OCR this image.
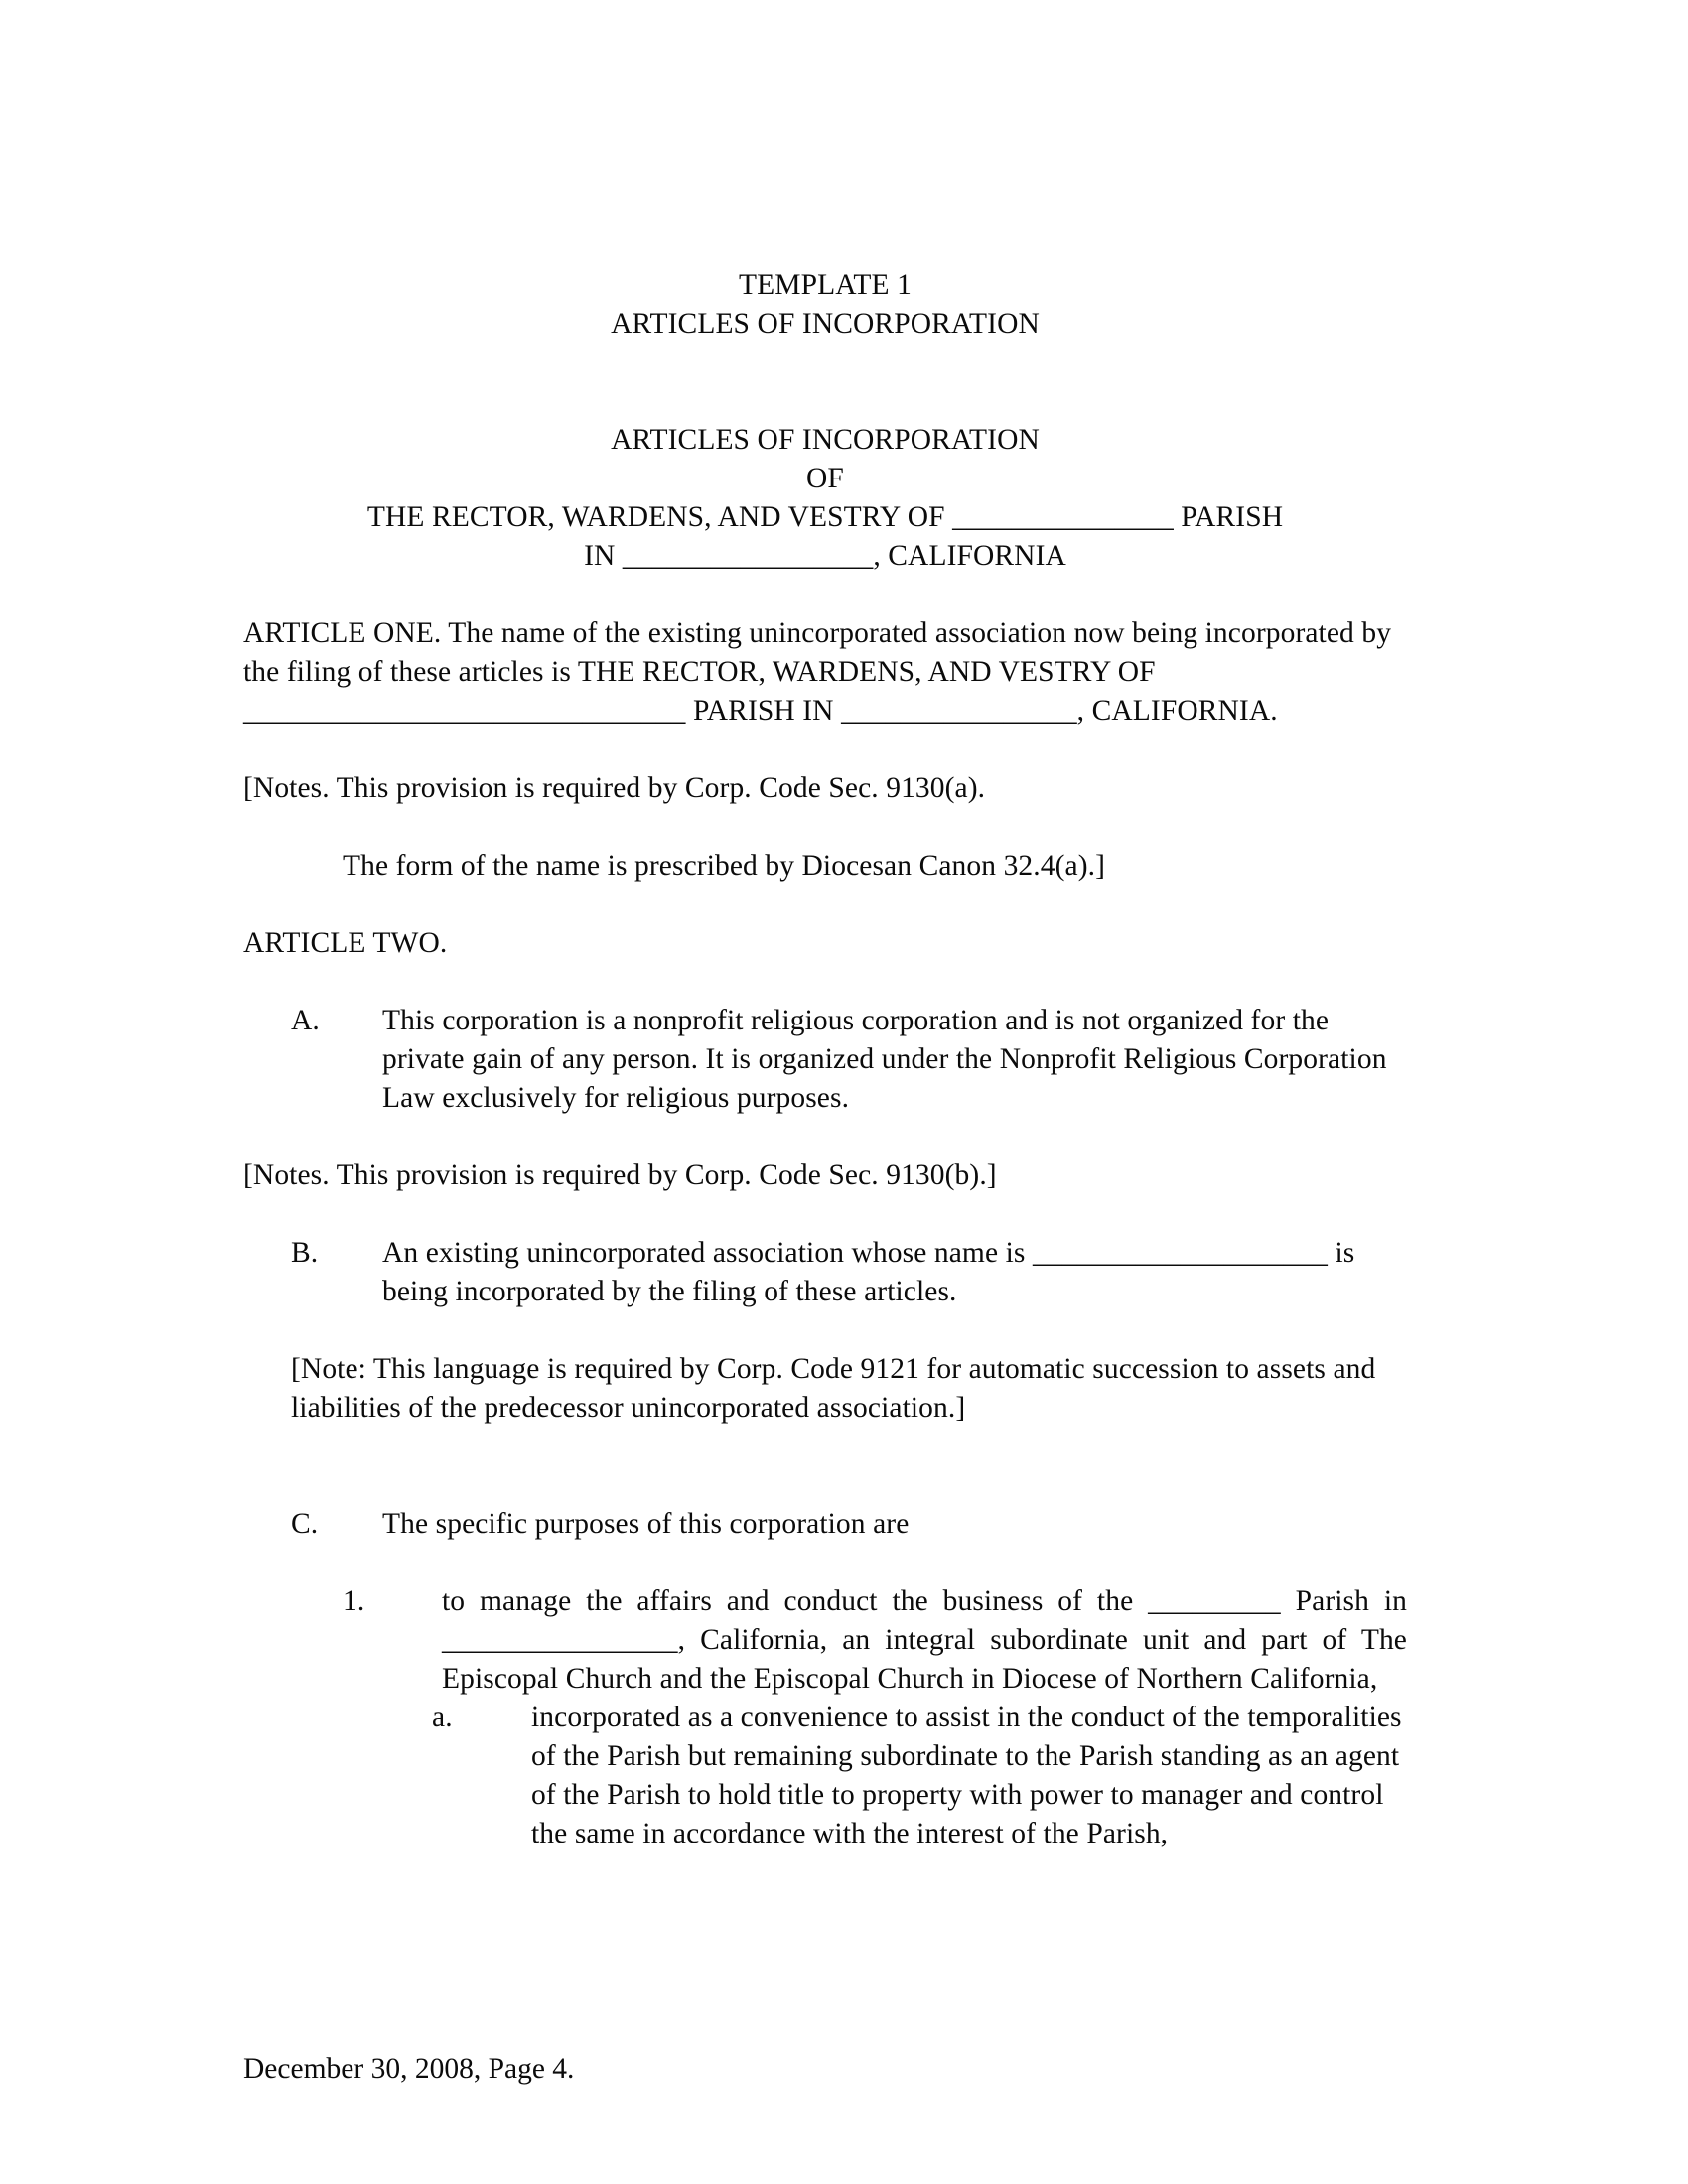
TEMPLATE 1

ARTICLES OF INCORPORATION

ARTICLES OF INCORPORATION

OF

THE RECTOR, WARDENS, AND VESTRY OF _______________ PARISH

IN _________________, CALIFORNIA

ARTICLE ONE. The name of the existing unincorporated association now being incorporated by the filing of these articles is THE RECTOR, WARDENS, AND VESTRY OF ______________________________ PARISH IN ________________, CALIFORNIA.

[Notes. This provision is required by Corp. Code Sec. 9130(a).

The form of the name is prescribed by Diocesan Canon 32.4(a).]

ARTICLE TWO.

A.	This corporation is a nonprofit religious corporation and is not organized for the private gain of any person. It is organized under the Nonprofit Religious Corporation Law exclusively for religious purposes.

[Notes. This provision is required by Corp. Code Sec. 9130(b).]

B.	An existing unincorporated association whose name is ____________________ is being incorporated by the filing of these articles.

[Note: This language is required by Corp. Code 9121 for automatic succession to assets and liabilities of the predecessor unincorporated association.]

C.	The specific purposes of this corporation are
1.	to manage the affairs and conduct the business of the _________ Parish in ________________, California, an integral subordinate unit and part of The Episcopal Church and the Episcopal Church in Diocese of Northern California,
a.	incorporated as a convenience to assist in the conduct of the temporalities of the Parish but remaining subordinate to the Parish standing as an agent of the Parish to hold title to property with power to manager and control the same in accordance with the interest of the Parish,
December 30, 2008, Page 4.
